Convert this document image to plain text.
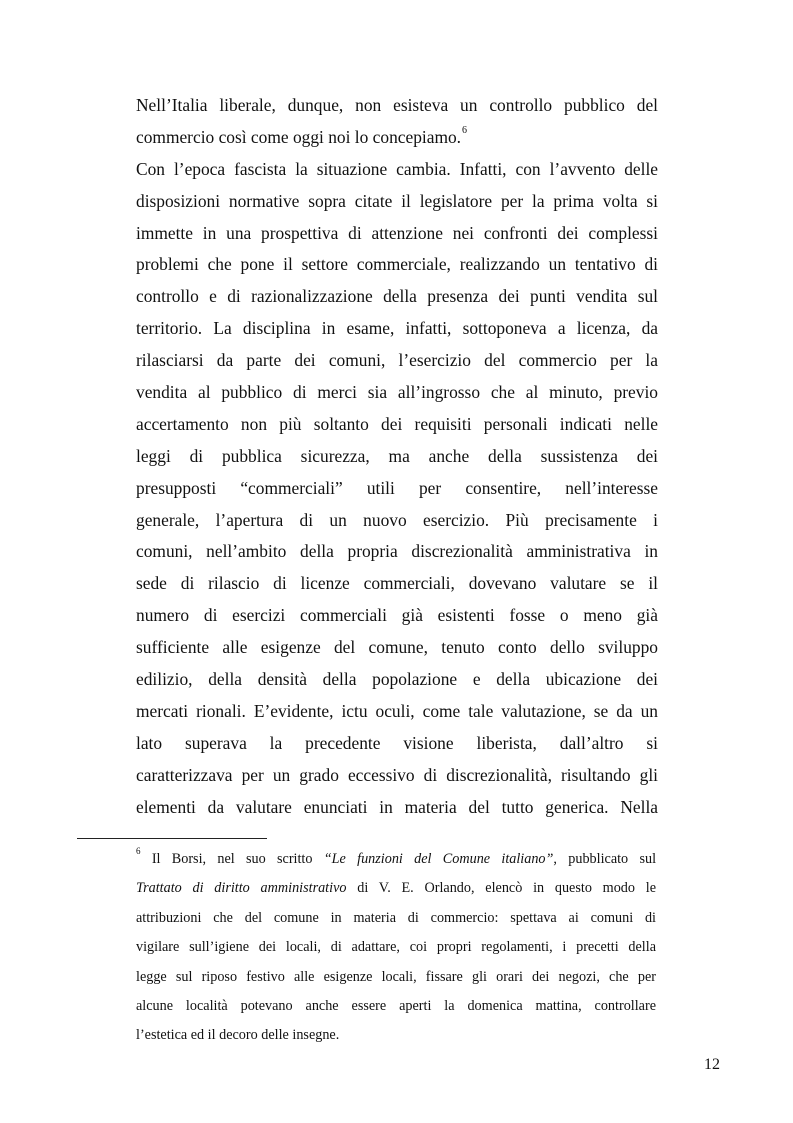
Nell’Italia liberale, dunque, non esisteva un controllo pubblico del
commercio così come oggi noi lo concepiamo.$^6$
Con l’epoca fascista la situazione cambia. Infatti, con l’avvento delle
disposizioni normative sopra citate il legislatore per la prima volta si
immette in una prospettiva di attenzione nei confronti dei complessi
problemi che pone il settore commerciale, realizzando un tentativo di
controllo e di razionalizzazione della presenza dei punti vendita sul
territorio. La disciplina in esame, infatti, sottoponeva a licenza, da
rilasciarsi da parte dei comuni, l’esercizio del commercio per la
vendita al pubblico di merci sia all’ingrosso che al minuto, previo
accertamento non più soltanto dei requisiti personali indicati nelle
leggi di pubblica sicurezza, ma anche della sussistenza dei
presupposti “commerciali” utili per consentire, nell’interesse
generale, l’apertura di un nuovo esercizio. Più precisamente i
comuni, nell’ambito della propria discrezionalità amministrativa in
sede di rilascio di licenze commerciali, dovevano valutare se il
numero di esercizi commerciali già esistenti fosse o meno già
sufficiente alle esigenze del comune, tenuto conto dello sviluppo
edilizio, della densità della popolazione e della ubicazione dei
mercati rionali. E’evidente, ictu oculi, come tale valutazione, se da un
lato superava la precedente visione liberista, dall’altro si
caratterizzava per un grado eccessivo di discrezionalità, risultando gli
elementi da valutare enunciati in materia del tutto generica. Nella
$^6$ Il Borsi, nel suo scritto “Le funzioni del Comune italiano”, pubblicato sul
Trattato di diritto amministrativo di V. E. Orlando, elencò in questo modo le
attribuzioni che del comune in materia di commercio: spettava ai comuni di
vigilare sull’igiene dei locali, di adattare, coi propri regolamenti, i precetti della
legge sul riposo festivo alle esigenze locali, fissare gli orari dei negozi, che per
alcune località potevano anche essere aperti la domenica mattina, controllare
l’estetica ed il decoro delle insegne.
12
